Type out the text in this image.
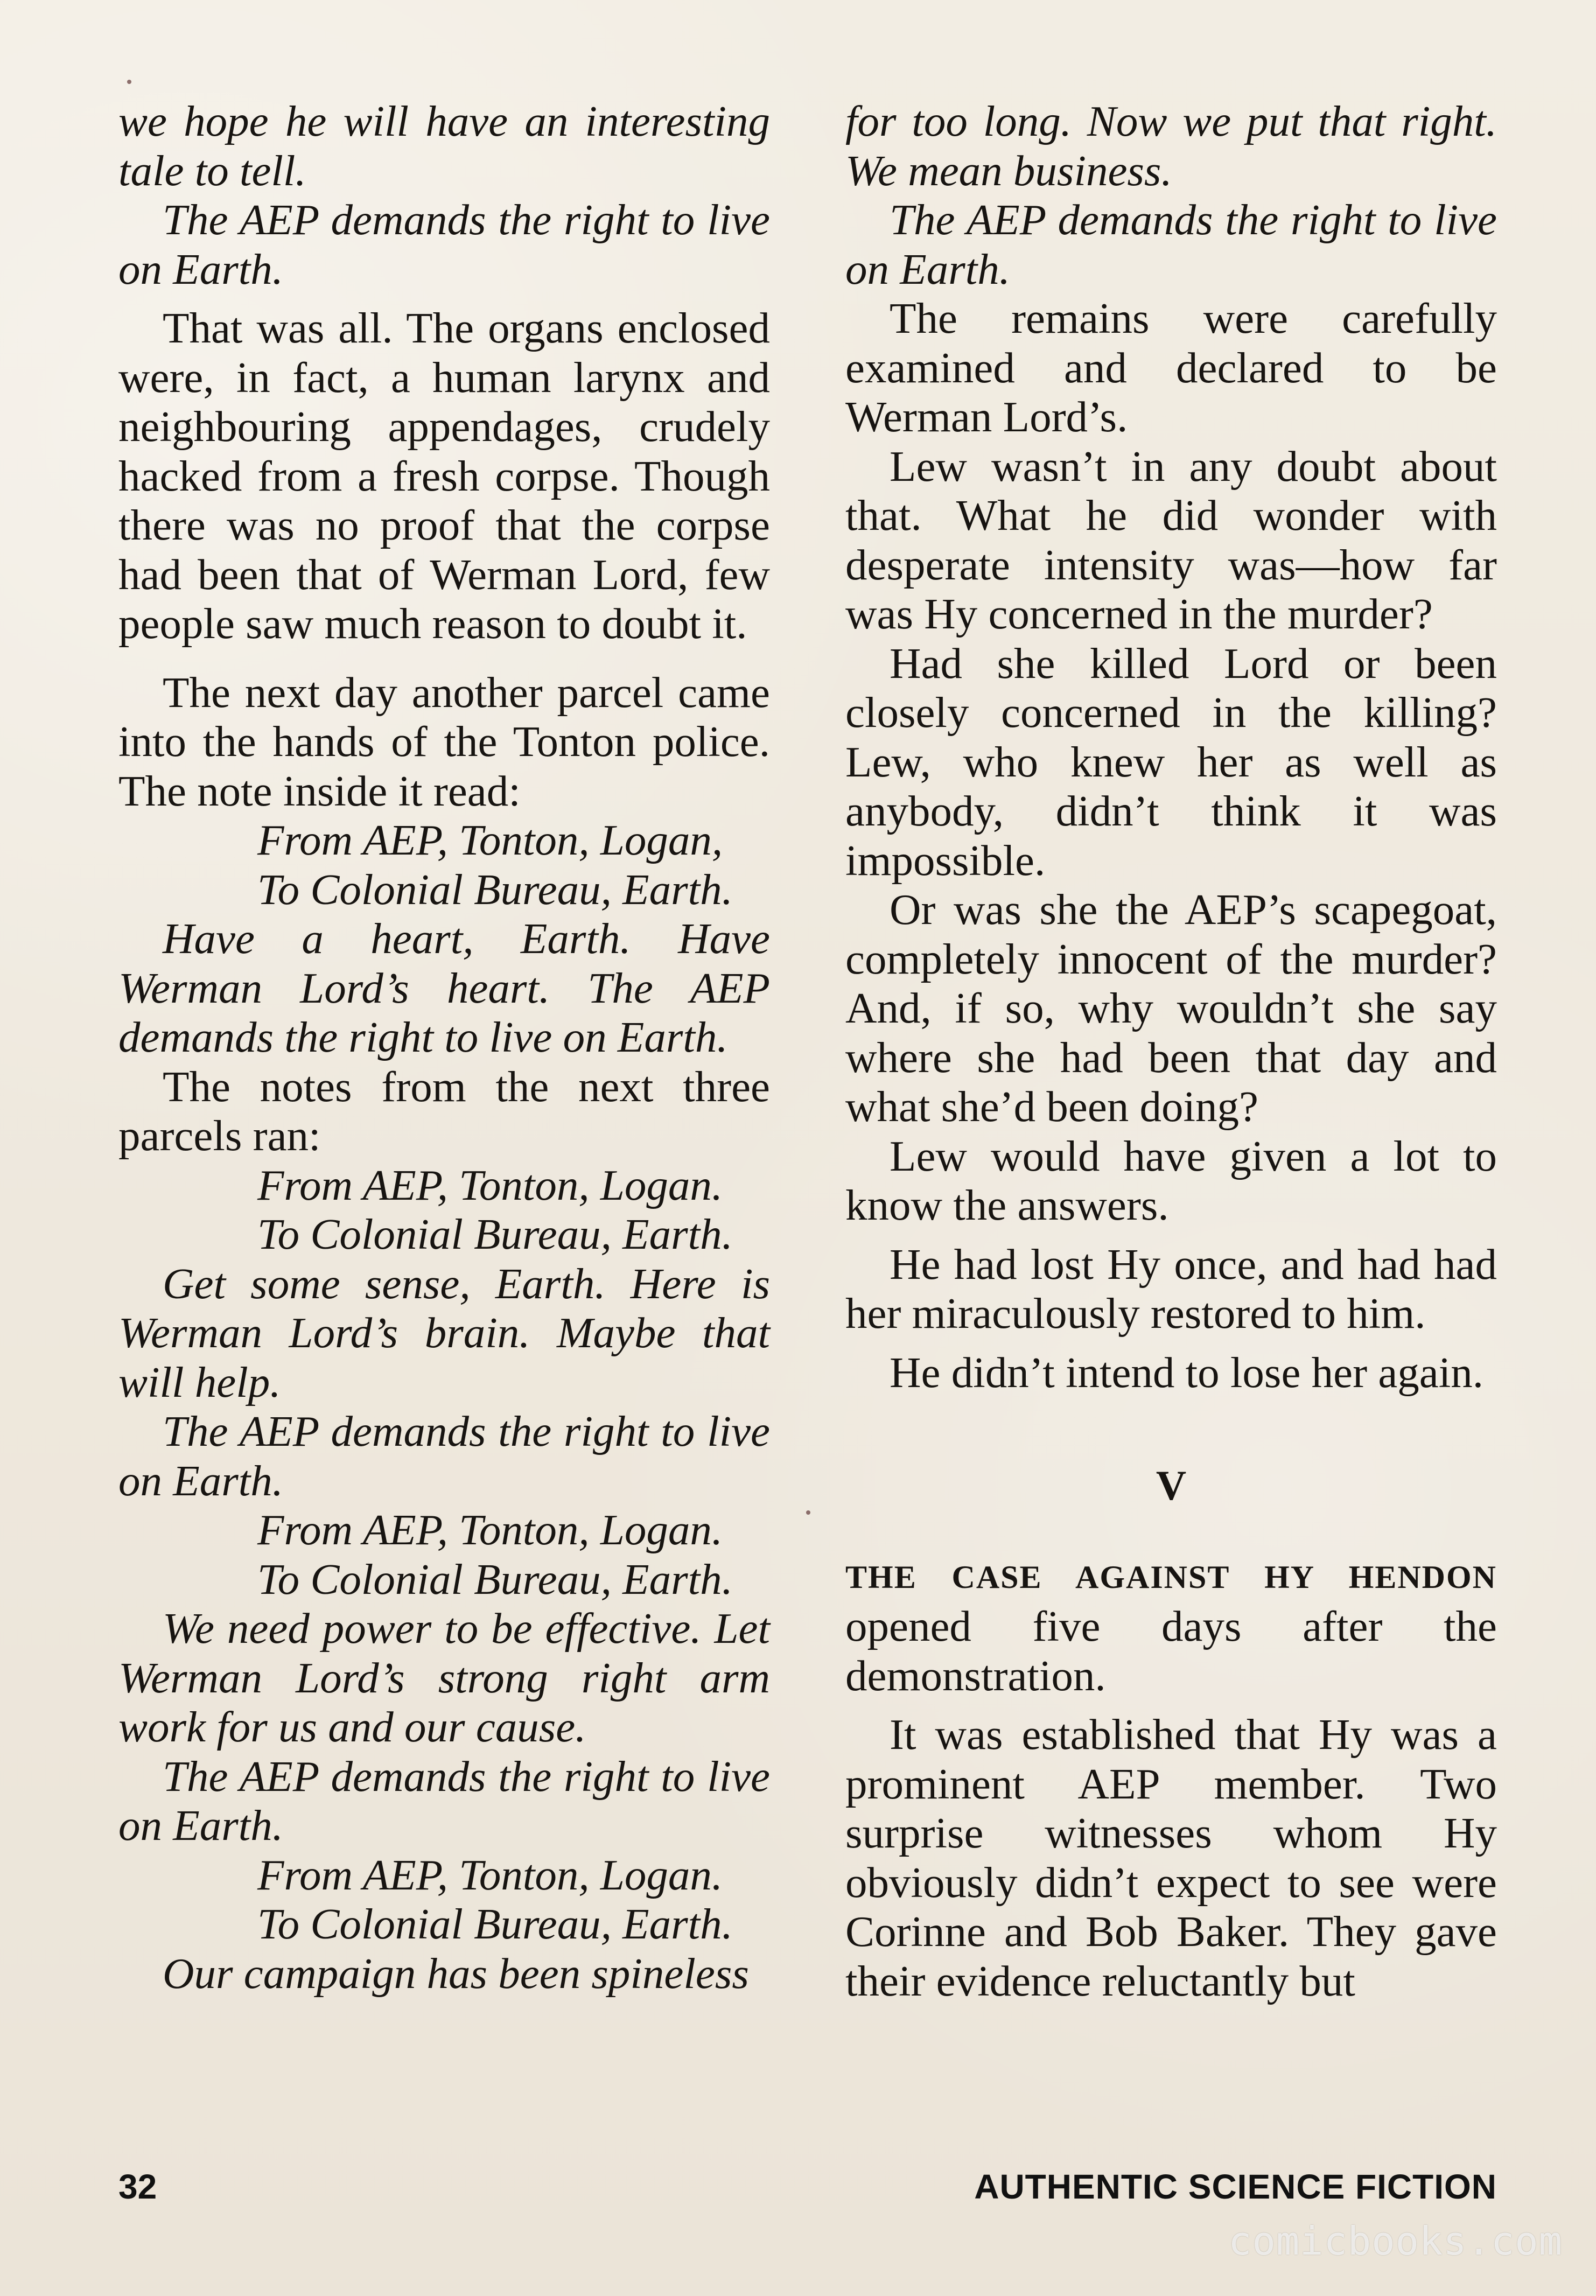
we hope he will have an interesting tale to tell.

The AEP demands the right to live on Earth.

That was all. The organs enclosed were, in fact, a human larynx and neighbouring appendages, crudely hacked from a fresh corpse. Though there was no proof that the corpse had been that of Werman Lord, few people saw much reason to doubt it.

The next day another parcel came into the hands of the Tonton police. The note inside it read:

From AEP, Tonton, Logan,

To Colonial Bureau, Earth.

Have a heart, Earth. Have Werman Lord’s heart. The AEP demands the right to live on Earth.

The notes from the next three parcels ran:

From AEP, Tonton, Logan.

To Colonial Bureau, Earth.

Get some sense, Earth. Here is Werman Lord’s brain. Maybe that will help.

The AEP demands the right to live on Earth.

From AEP, Tonton, Logan.

To Colonial Bureau, Earth.

We need power to be effective. Let Werman Lord’s strong right arm work for us and our cause.

The AEP demands the right to live on Earth.

From AEP, Tonton, Logan.

To Colonial Bureau, Earth.

Our campaign has been spineless

for too long. Now we put that right. We mean business.

The AEP demands the right to live on Earth.

The remains were carefully examined and declared to be Werman Lord’s.

Lew wasn’t in any doubt about that. What he did wonder with desperate intensity was—how far was Hy concerned in the murder?

Had she killed Lord or been closely concerned in the killing? Lew, who knew her as well as anybody, didn’t think it was impossible.

Or was she the AEP’s scapegoat, completely innocent of the murder? And, if so, why wouldn’t she say where she had been that day and what she’d been doing?

Lew would have given a lot to know the answers.

He had lost Hy once, and had had her miraculously restored to him.

He didn’t intend to lose her again.

V

THE CASE AGAINST HY HENDON opened five days after the demonstration.

It was established that Hy was a prominent AEP member. Two surprise witnesses whom Hy obviously didn’t expect to see were Corinne and Bob Baker. They gave their evidence reluctantly but

32	AUTHENTIC SCIENCE FICTION
comicbooks.com
